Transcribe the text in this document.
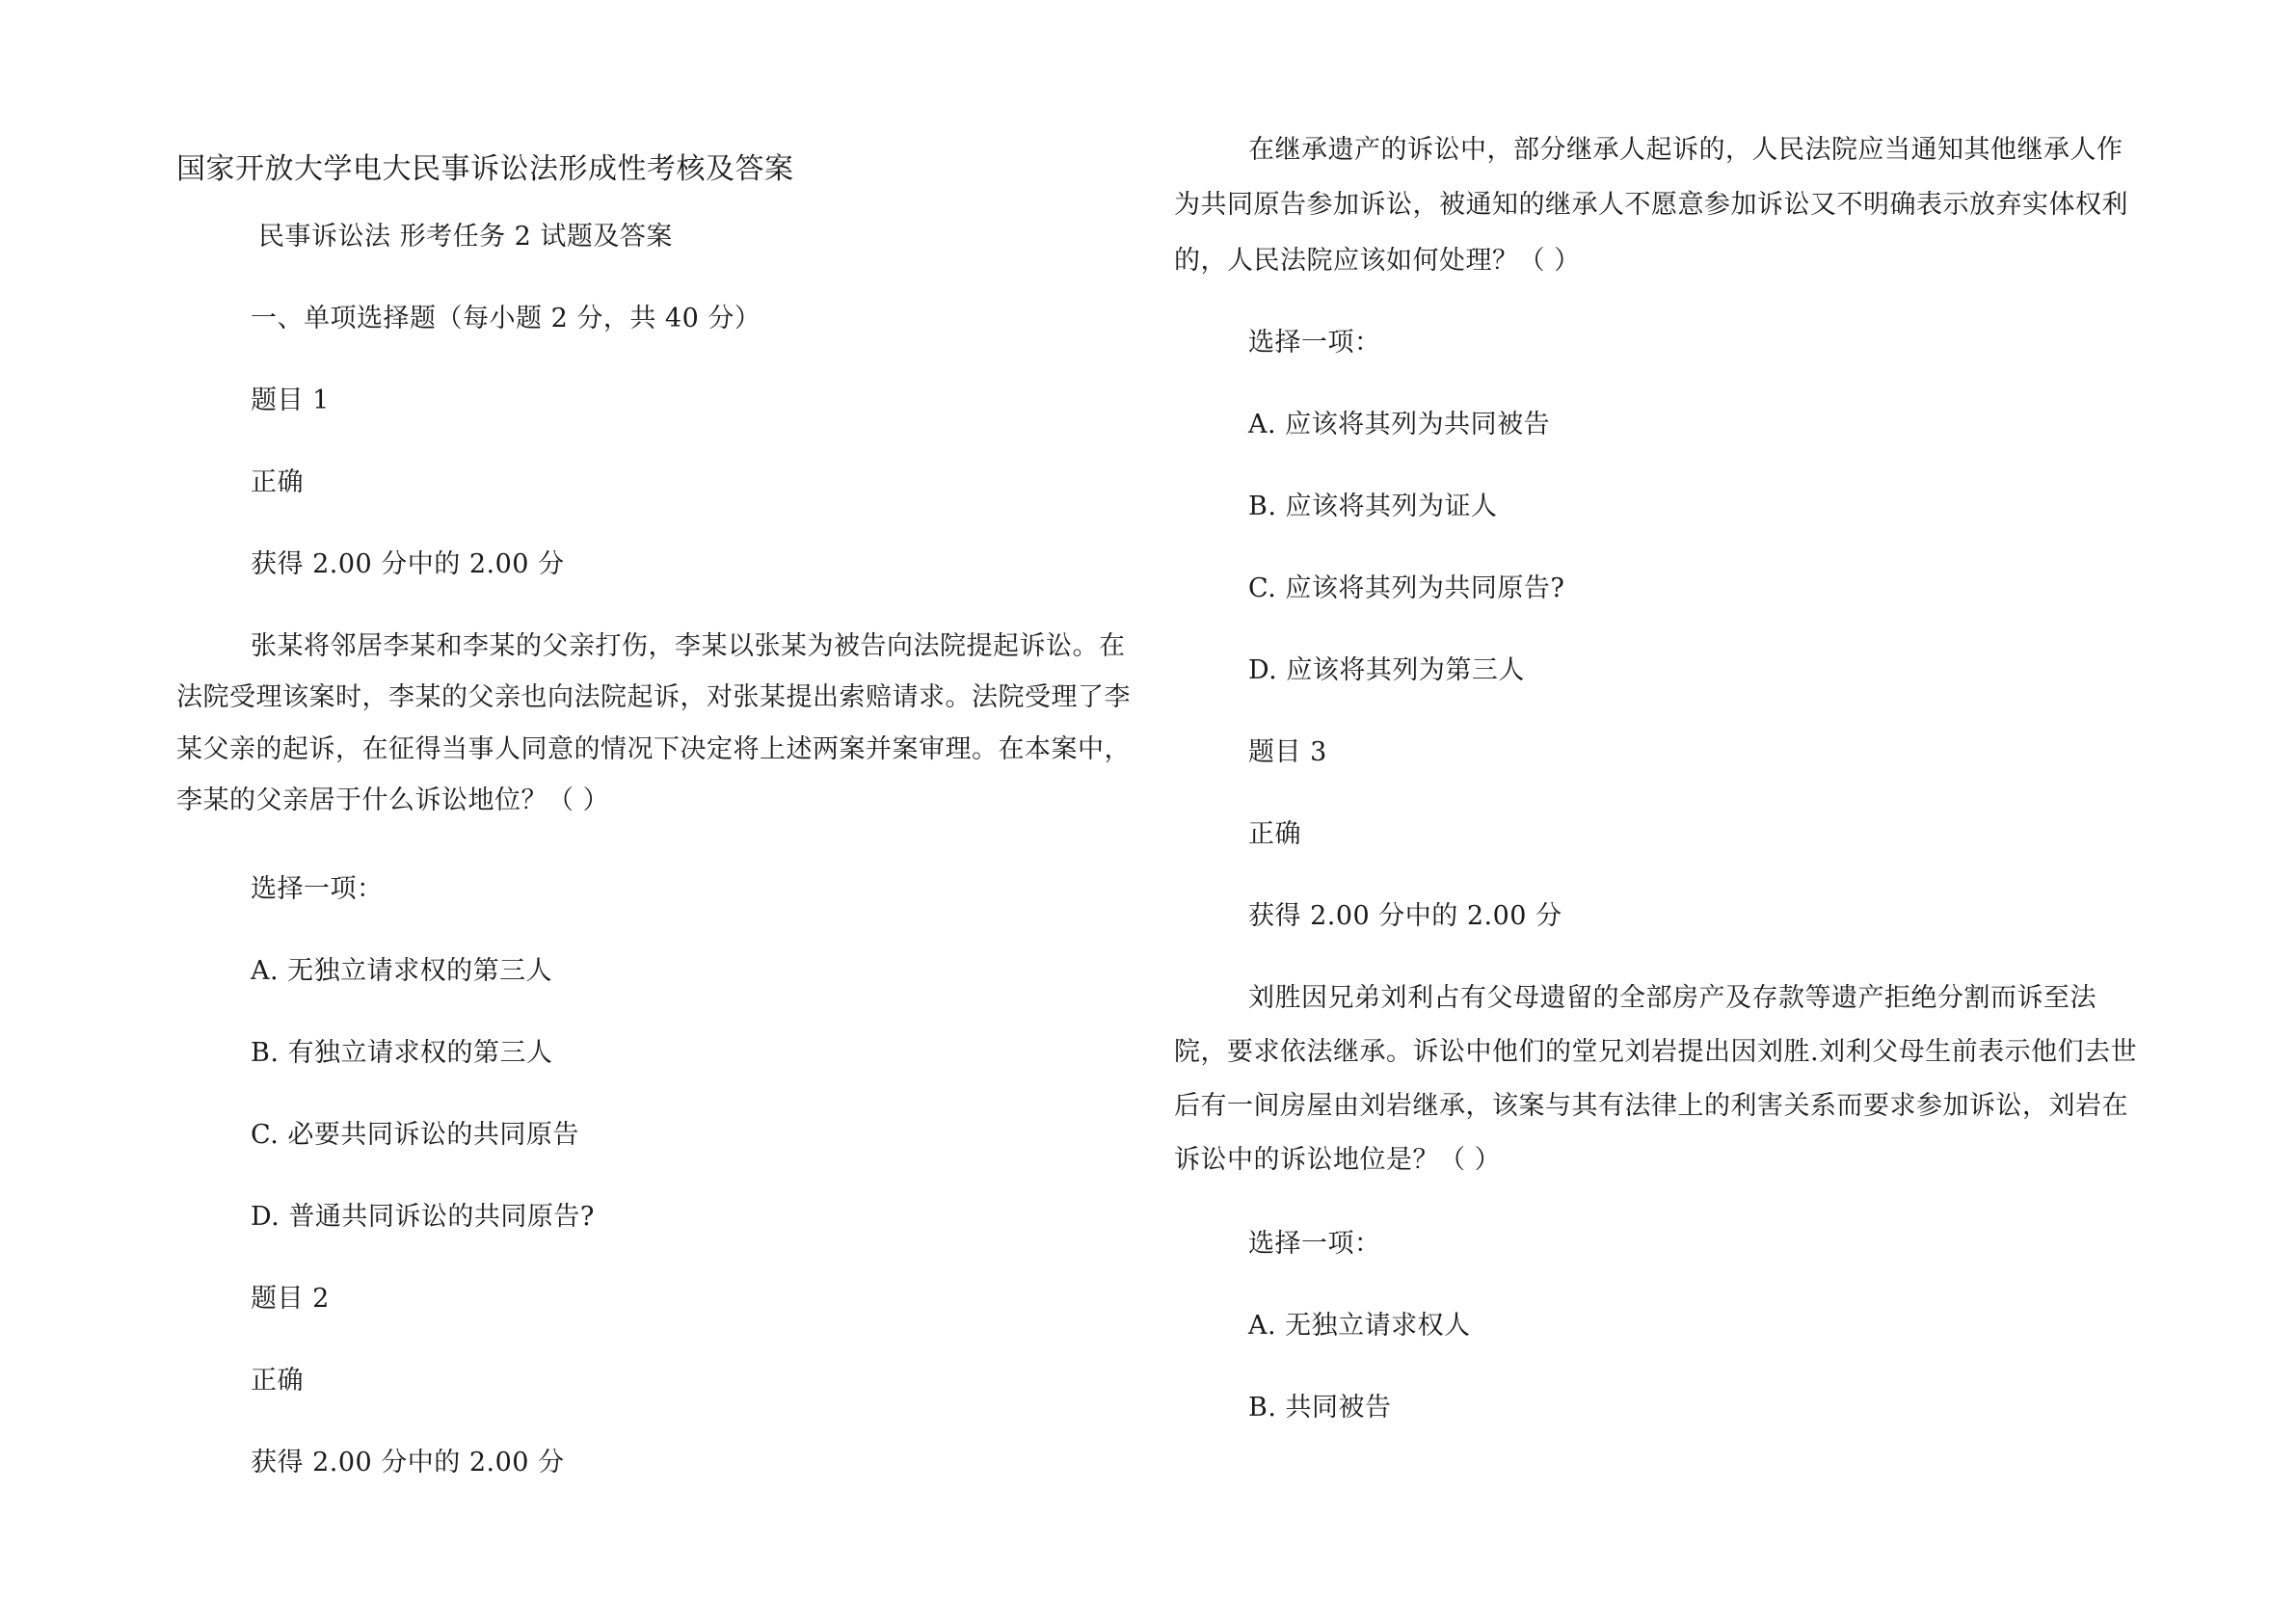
国家开放大学电大民事诉讼法形成性考核及答案
民事诉讼法 形考任务 2 试题及答案
一、单项选择题（每小题 2 分，共 40 分）
题目 1
正确
获得 2.00 分中的 2.00 分
张某将邻居李某和李某的父亲打伤，李某以张某为被告向法院提起诉讼。在
法院受理该案时，李某的父亲也向法院起诉，对张某提出索赔请求。法院受理了李
某父亲的起诉，在征得当事人同意的情况下决定将上述两案并案审理。在本案中，
李某的父亲居于什么诉讼地位？（ ）
选择一项：
A. 无独立请求权的第三人
B. 有独立请求权的第三人
C. 必要共同诉讼的共同原告
D. 普通共同诉讼的共同原告?
题目 2
正确
获得 2.00 分中的 2.00 分
在继承遗产的诉讼中，部分继承人起诉的，人民法院应当通知其他继承人作
为共同原告参加诉讼，被通知的继承人不愿意参加诉讼又不明确表示放弃实体权利
的，人民法院应该如何处理？（ ）
选择一项：
A. 应该将其列为共同被告
B. 应该将其列为证人
C. 应该将其列为共同原告?
D. 应该将其列为第三人
题目 3
正确
获得 2.00 分中的 2.00 分
刘胜因兄弟刘利占有父母遗留的全部房产及存款等遗产拒绝分割而诉至法
院，要求依法继承。诉讼中他们的堂兄刘岩提出因刘胜.刘利父母生前表示他们去世
后有一间房屋由刘岩继承，该案与其有法律上的利害关系而要求参加诉讼，刘岩在
诉讼中的诉讼地位是？（ ）
选择一项：
A. 无独立请求权人
B. 共同被告
